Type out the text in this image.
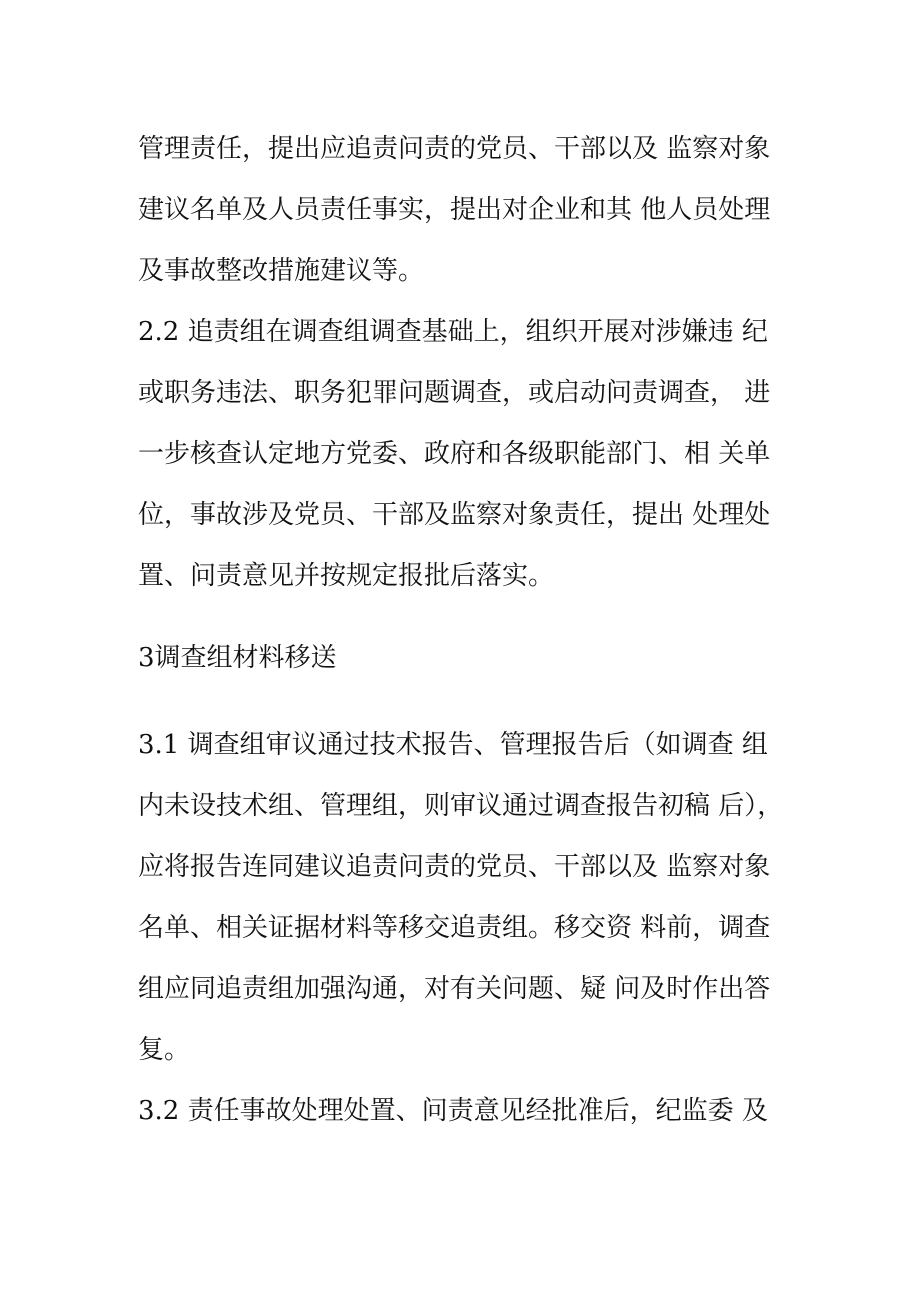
管理责任，提出应追责问责的党员、干部以及 监察对象

建议名单及人员责任事实，提出对企业和其 他人员处理

及事故整改措施建议等。

2.2 追责组在调查组调查基础上，组织开展对涉嫌违 纪

或职务违法、职务犯罪问题调查，或启动问责调查， 进

一步核查认定地方党委、政府和各级职能部门、相 关单

位，事故涉及党员、干部及监察对象责任，提出 处理处

置、问责意见并按规定报批后落实。

3调查组材料移送

3.1 调查组审议通过技术报告、管理报告后（如调查 组

内未设技术组、管理组，则审议通过调查报告初稿 后），

应将报告连同建议追责问责的党员、干部以及 监察对象

名单、相关证据材料等移交追责组。移交资 料前，调查

组应同追责组加强沟通，对有关问题、疑 问及时作出答

复。

3.2 责任事故处理处置、问责意见经批准后，纪监委 及
